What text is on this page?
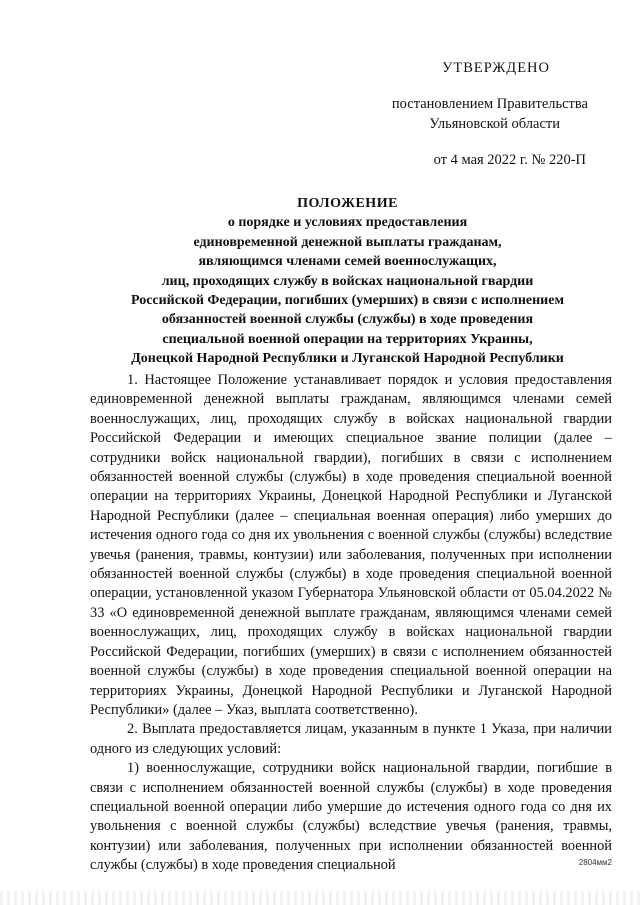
УТВЕРЖДЕНО
постановлением Правительства
Ульяновской области
от 4 мая 2022 г. № 220-П
ПОЛОЖЕНИЕ
о порядке и условиях предоставления
единовременной денежной выплаты гражданам,
являющимся членами семей военнослужащих,
лиц, проходящих службу в войсках национальной гвардии
Российской Федерации, погибших (умерших) в связи с исполнением
обязанностей военной службы (службы) в ходе проведения
специальной военной операции на территориях Украины,
Донецкой Народной Республики и Луганской Народной Республики

1. Настоящее Положение устанавливает порядок и условия предоставления единовременной денежной выплаты гражданам, являющимся членами семей военнослужащих, лиц, проходящих службу в войсках национальной гвардии Российской Федерации и имеющих специальное звание полиции (далее – сотрудники войск национальной гвардии), погибших в связи с исполнением обязанностей военной службы (службы) в ходе проведения специальной военной операции на территориях Украины, Донецкой Народной Республики и Луганской Народной Республики (далее – специальная военная операция) либо умерших до истечения одного года со дня их увольнения с военной службы (службы) вследствие увечья (ранения, травмы, контузии) или заболевания, полученных при исполнении обязанностей военной службы (службы) в ходе проведения специальной военной операции, установленной указом Губернатора Ульяновской области от 05.04.2022 № 33 «О единовременной денежной выплате гражданам, являющимся членами семей военнослужащих, лиц, проходящих службу в войсках национальной гвардии Российской Федерации, погибших (умерших) в связи с исполнением обязанностей военной службы (службы) в ходе проведения специальной военной операции на территориях Украины, Донецкой Народной Республики и Луганской Народной Республики» (далее – Указ, выплата соответственно).

2. Выплата предоставляется лицам, указанным в пункте 1 Указа, при наличии одного из следующих условий:

1) военнослужащие, сотрудники войск национальной гвардии, погибшие в связи с исполнением обязанностей военной службы (службы) в ходе проведения специальной военной операции либо умершие до истечения одного года со дня их увольнения с военной службы (службы) вследствие увечья (ранения, травмы, контузии) или заболевания, полученных при исполнении обязанностей военной службы (службы) в ходе проведения специальной	2804мм2
